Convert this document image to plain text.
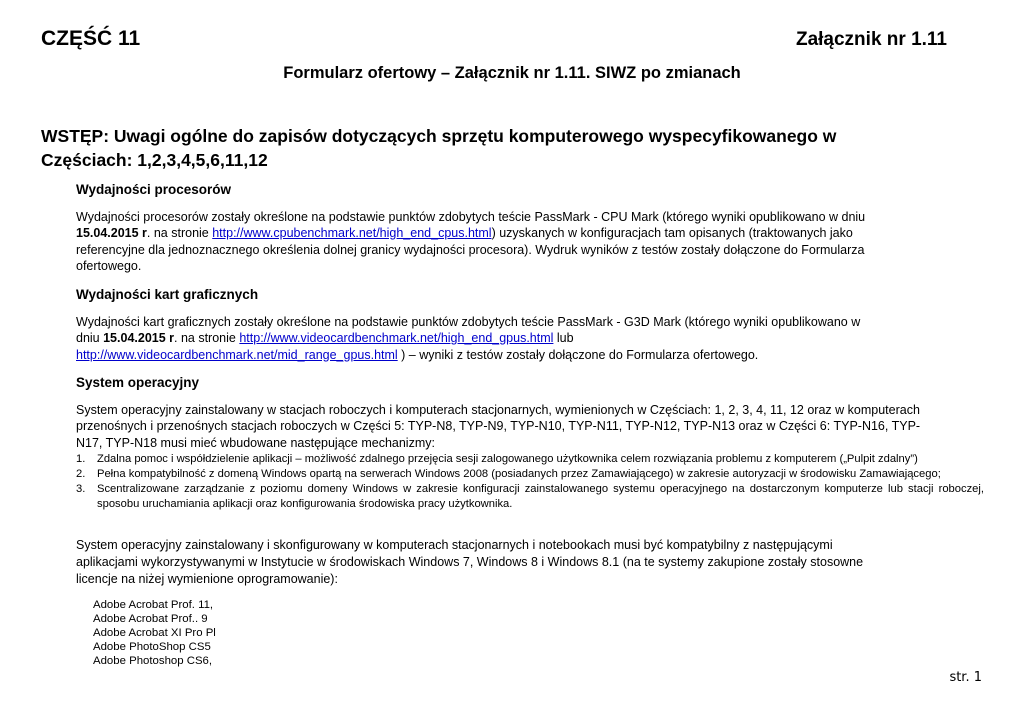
CZĘŚĆ 11	Załącznik nr 1.11
Formularz ofertowy – Załącznik nr 1.11. SIWZ po zmianach
WSTĘP: Uwagi ogólne do zapisów dotyczących sprzętu komputerowego wyspecyfikowanego w
Częściach: 1,2,3,4,5,6,11,12
Wydajności procesorów

Wydajności procesorów zostały określone na podstawie punktów zdobytych teście PassMark - CPU Mark (którego wyniki opublikowano w dniu

15.04.2015 r. na stronie http://www.cpubenchmark.net/high_end_cpus.html) uzyskanych w konfiguracjach tam opisanych (traktowanych jako

referencyjne dla jednoznacznego określenia dolnej granicy wydajności procesora). Wydruk wyników z testów zostały dołączone do Formularza

ofertowego.

Wydajności kart graficznych

Wydajności kart graficznych zostały określone na podstawie punktów zdobytych teście PassMark - G3D Mark (którego wyniki opublikowano w

dniu 15.04.2015 r. na stronie http://www.videocardbenchmark.net/high_end_gpus.html lub

http://www.videocardbenchmark.net/mid_range_gpus.html ) – wyniki z testów zostały dołączone do Formularza ofertowego.

System operacyjny

System operacyjny zainstalowany w stacjach roboczych i komputerach stacjonarnych, wymienionych w Częściach: 1, 2, 3, 4, 11, 12 oraz w komputerach

przenośnych i przenośnych stacjach roboczych w Części 5: TYP-N8, TYP-N9, TYP-N10, TYP-N11, TYP-N12, TYP-N13 oraz w Części 6: TYP-N16, TYP-

N17, TYP-N18 musi mieć wbudowane następujące mechanizmy:

1.	Zdalna pomoc i współdzielenie aplikacji – możliwość zdalnego przejęcia sesji zalogowanego użytkownika celem rozwiązania problemu z komputerem („Pulpit zdalny”)
2.	Pełna kompatybilność z domeną Windows opartą na serwerach Windows 2008 (posiadanych przez Zamawiającego) w zakresie autoryzacji w środowisku Zamawiającego;
3.	Scentralizowane zarządzanie z poziomu domeny Windows w zakresie konfiguracji zainstalowanego systemu operacyjnego na dostarczonym komputerze lub stacji roboczej, sposobu uruchamiania aplikacji oraz konfigurowania środowiska pracy użytkownika.

System operacyjny zainstalowany i skonfigurowany w komputerach stacjonarnych i notebookach musi być kompatybilny z następującymi

aplikacjami wykorzystywanymi w Instytucie w środowiskach Windows 7, Windows 8 i Windows 8.1 (na te systemy zakupione zostały stosowne

licencje na niżej wymienione oprogramowanie):

Adobe Acrobat Prof. 11,
Adobe Acrobat Prof.. 9
Adobe Acrobat XI Pro Pl
Adobe PhotoShop CS5
Adobe Photoshop CS6,
str. 1
